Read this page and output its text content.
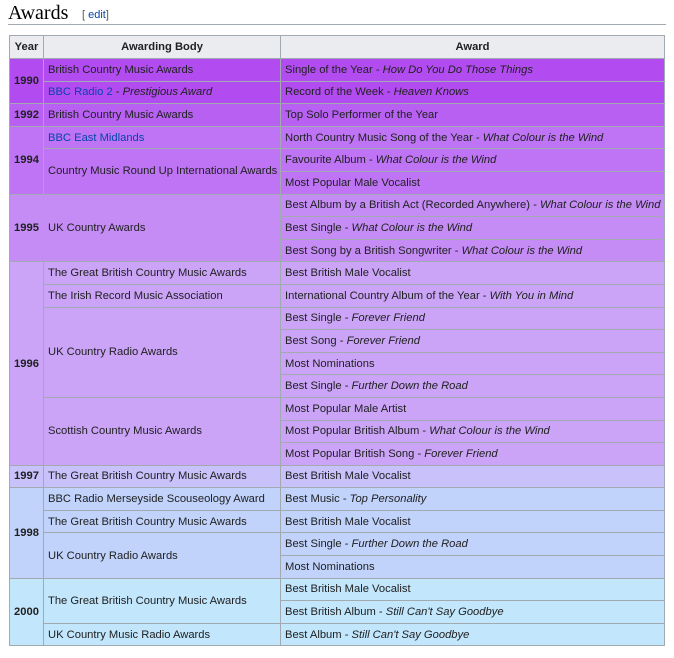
Awards [ edit]
Year	Awarding Body	Award
1990	British Country Music Awards	Single of the Year - How Do You Do Those Things
	BBC Radio 2 - Prestigious Award	Record of the Week - Heaven Knows
1992	British Country Music Awards	Top Solo Performer of the Year
1994	BBC East Midlands	North Country Music Song of the Year - What Colour is the Wind
	Country Music Round Up International Awards	Favourite Album - What Colour is the Wind
		Most Popular Male Vocalist
1995	UK Country Awards	Best Album by a British Act (Recorded Anywhere) - What Colour is the Wind
		Best Single - What Colour is the Wind
		Best Song by a British Songwriter - What Colour is the Wind
1996	The Great British Country Music Awards	Best British Male Vocalist
	The Irish Record Music Association	International Country Album of the Year - With You in Mind
	UK Country Radio Awards	Best Single - Forever Friend
		Best Song - Forever Friend
		Most Nominations
		Best Single - Further Down the Road
	Scottish Country Music Awards	Most Popular Male Artist
		Most Popular British Album - What Colour is the Wind
		Most Popular British Song - Forever Friend
1997	The Great British Country Music Awards	Best British Male Vocalist
1998	BBC Radio Merseyside Scouseology Award	Best Music - Top Personality
	The Great British Country Music Awards	Best British Male Vocalist
	UK Country Radio Awards	Best Single - Further Down the Road
		Most Nominations
2000	The Great British Country Music Awards	Best British Male Vocalist
		Best British Album - Still Can't Say Goodbye
	UK Country Music Radio Awards	Best Album - Still Can't Say Goodbye
